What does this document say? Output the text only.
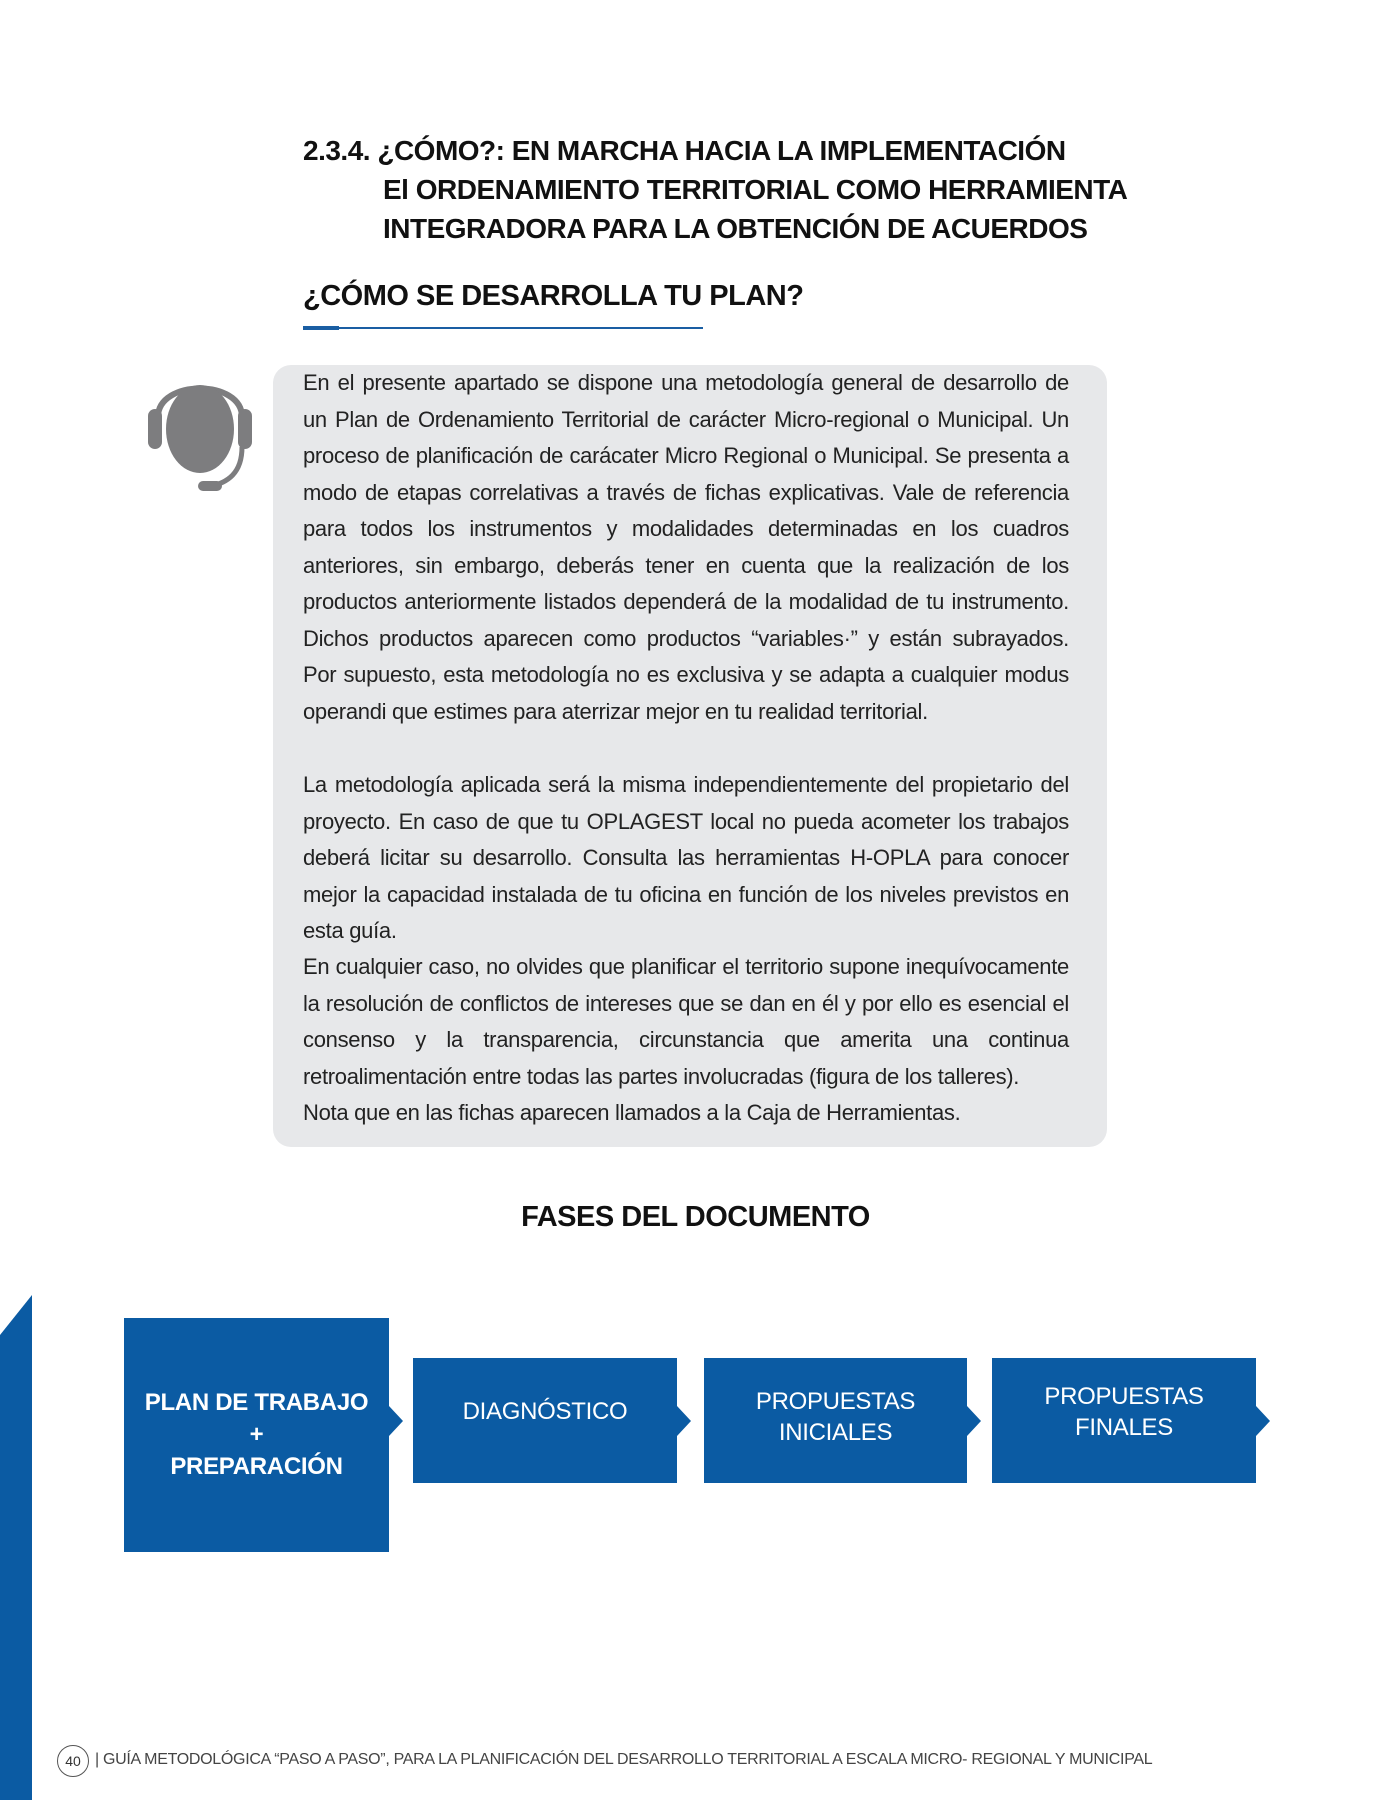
2.3.4. ¿CÓMO?: EN MARCHA HACIA LA IMPLEMENTACIÓN
El ORDENAMIENTO TERRITORIAL COMO HERRAMIENTA
INTEGRADORA PARA LA OBTENCIÓN DE ACUERDOS
¿CÓMO SE DESARROLLA TU PLAN?

En el presente apartado se dispone una metodología general de desarrollo de un Plan de Ordenamiento Territorial de carácter Micro-regional o Municipal. Un proceso de planificación de carácater Micro Regional o Municipal. Se presenta a modo de etapas correlativas a través de fichas explicativas. Vale de referencia para todos los instrumentos y modalidades determinadas en los cuadros anteriores, sin embargo, deberás tener en cuenta que la realización de los productos anteriormente listados dependerá de la modalidad de tu instrumento. Dichos productos aparecen como productos “variables·” y están subrayados. Por supuesto, esta metodología no es exclusiva y se adapta a cualquier modus operandi que estimes para aterrizar mejor en tu realidad territorial.

La metodología aplicada será la misma independientemente del propietario del proyecto. En caso de que tu OPLAGEST local no pueda acometer los trabajos deberá licitar su desarrollo. Consulta las herramientas H-OPLA para conocer mejor la capacidad instalada de tu oficina en función de los niveles previstos en esta guía.

En cualquier caso, no olvides que planificar el territorio supone inequívocamente la resolución de conflictos de intereses que se dan en él y por ello es esencial el consenso y la transparencia, circunstancia que amerita una continua retroalimentación entre todas las partes involucradas (figura de los talleres).
Nota que en las fichas aparecen llamados a la Caja de Herramientas.

FASES DEL DOCUMENTO
PLAN DE TRABAJO
+
PREPARACIÓN
DIAGNÓSTICO	PROPUESTAS INICIALES
PROPUESTAS
FINALES
40 | GUÍA METODOLÓGICA “PASO A PASO”, PARA LA PLANIFICACIÓN DEL DESARROLLO TERRITORIAL A ESCALA MICRO- REGIONAL Y MUNICIPAL
